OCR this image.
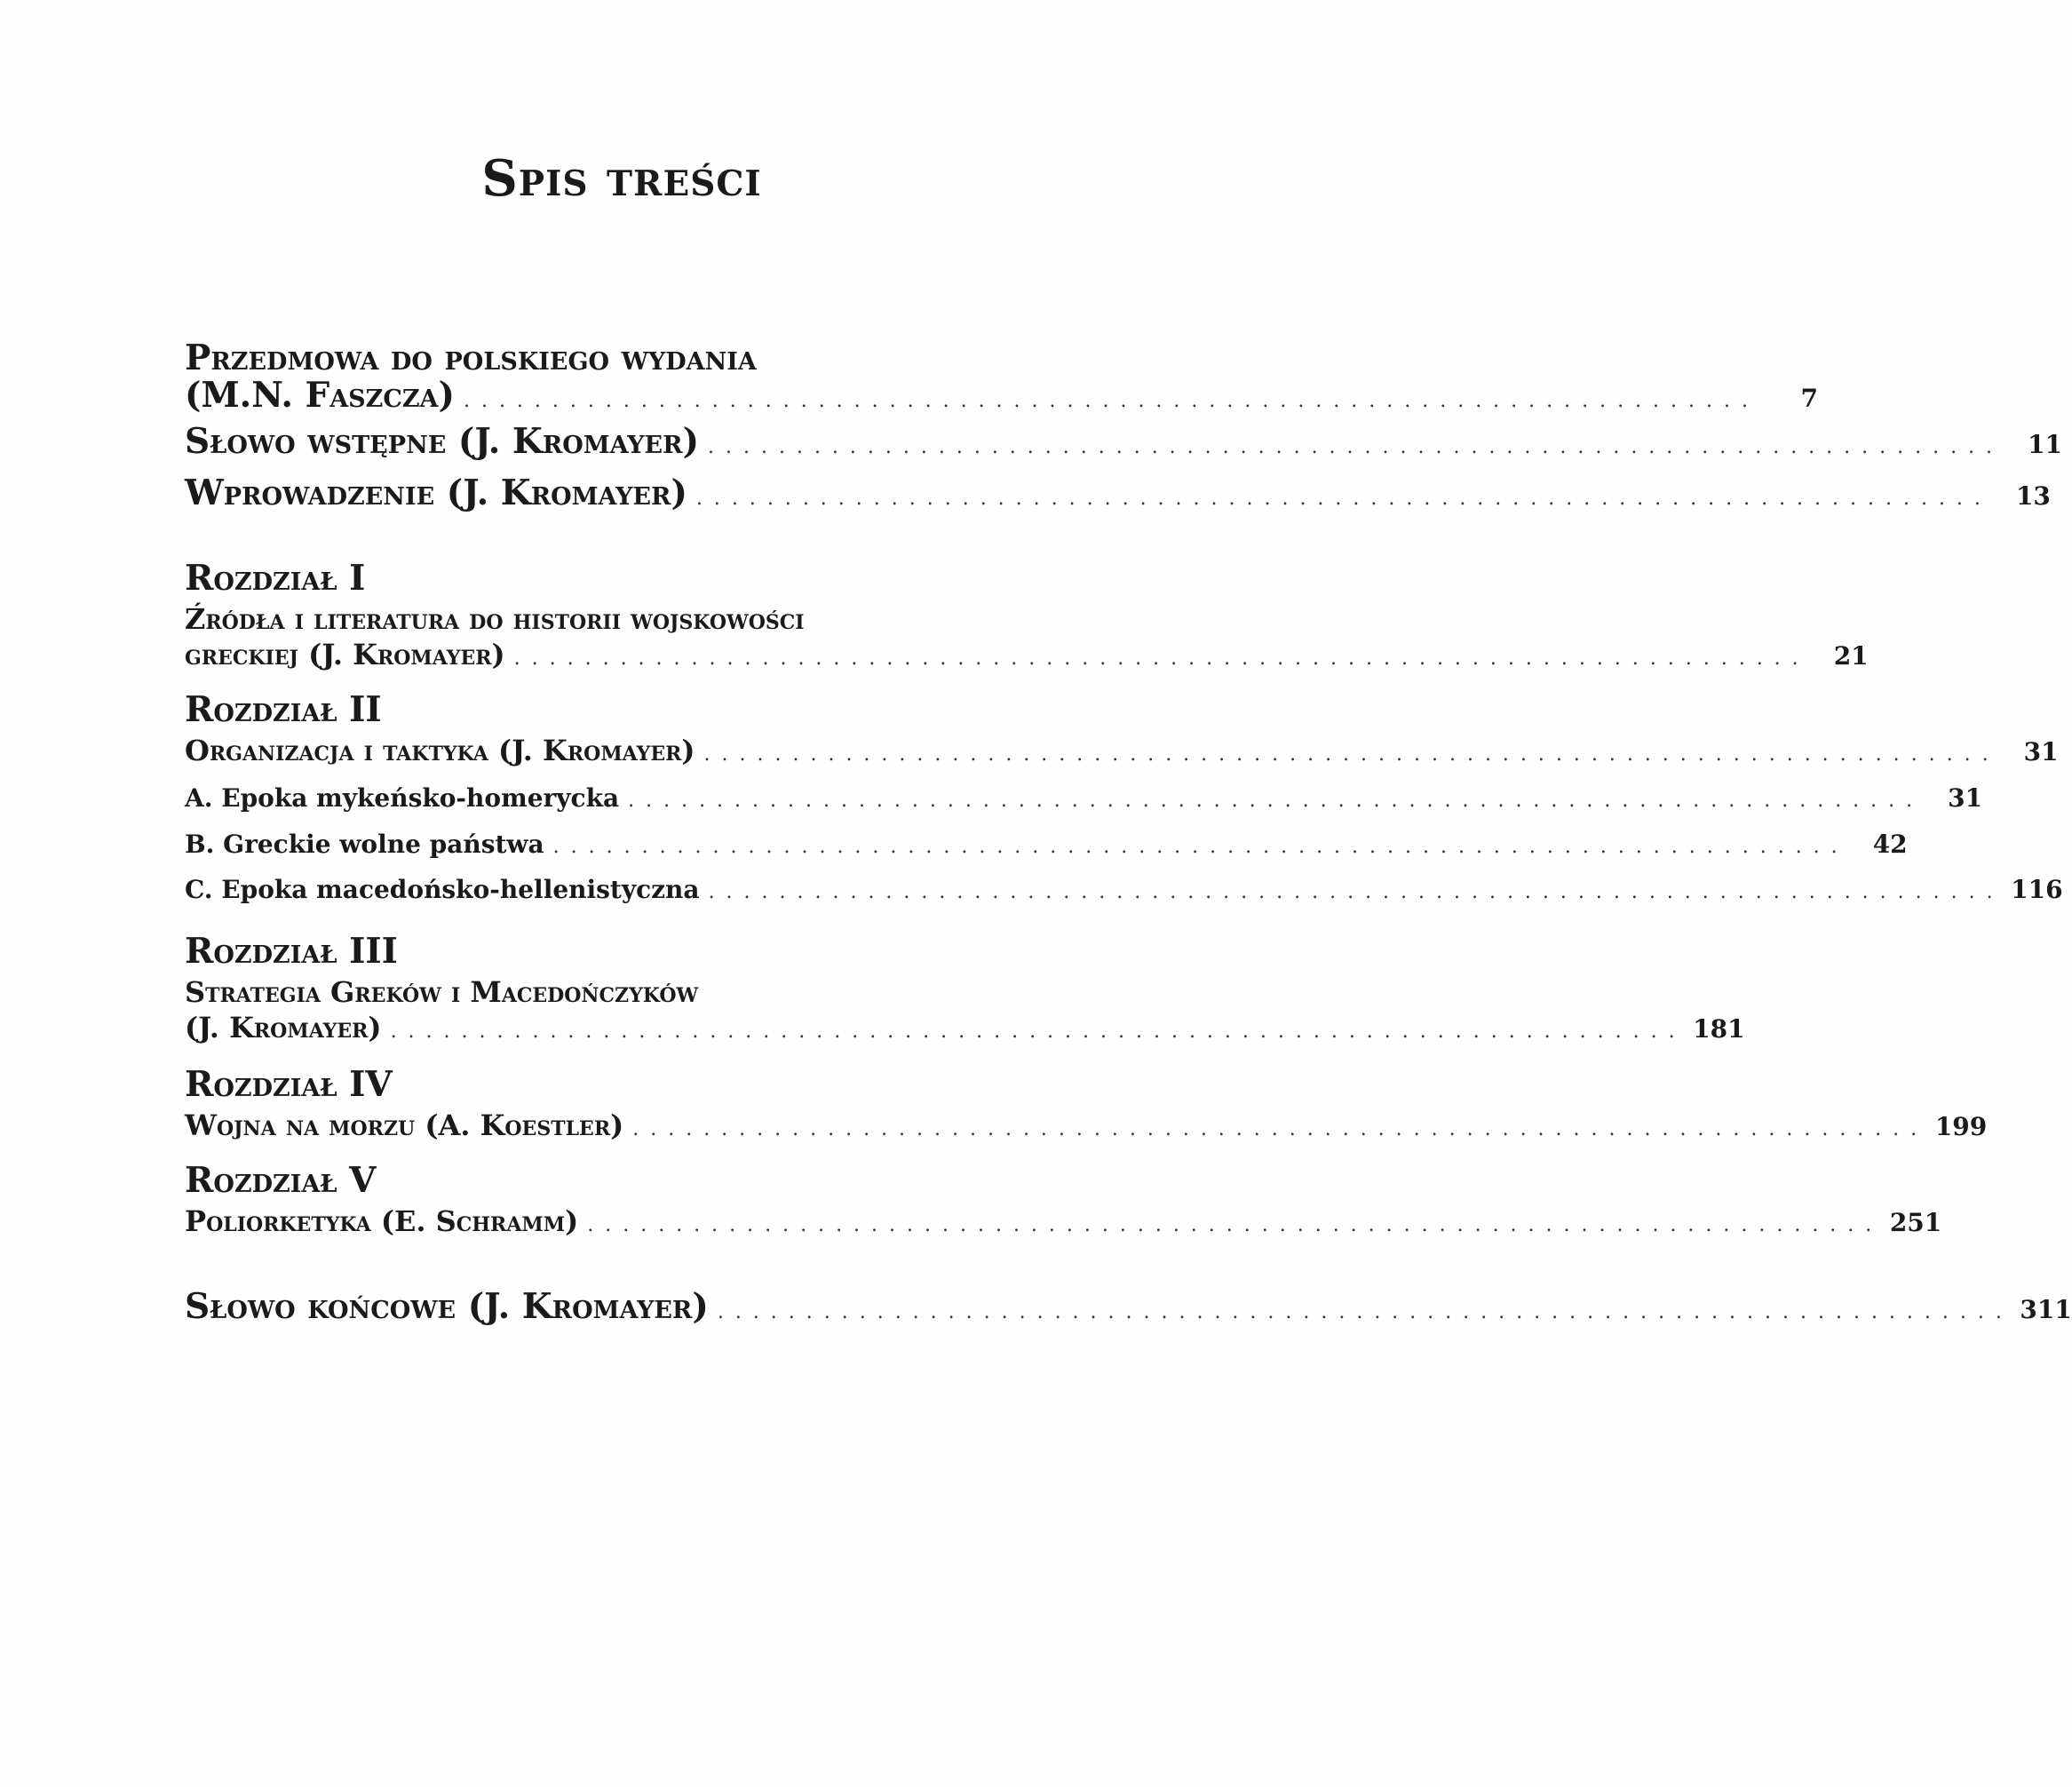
Spis treści
Przedmowa do polskiego wydania
(M.N. Faszcza) . . . . . . . . . . . . . . . . . . . . . . . . . . . . . . . . . . . . . . . . . . . . . . . . . . . . . . . . . . . . . . . . . . . . . . . . .	7
Słowo wstępne (J. Kromayer) . . . . . . . . . . . . . . . . . . . . . . . . . . . . . . . . . . . . . . . . . . . . . . . . . . . . . . . . . . . . . . . . . . . . . . . . .	11
Wprowadzenie (J. Kromayer) . . . . . . . . . . . . . . . . . . . . . . . . . . . . . . . . . . . . . . . . . . . . . . . . . . . . . . . . . . . . . . . . . . . . . . . . .	13
Rozdział I
Źródła i literatura do historii wojskowości
greckiej (J. Kromayer) . . . . . . . . . . . . . . . . . . . . . . . . . . . . . . . . . . . . . . . . . . . . . . . . . . . . . . . . . . . . . . . . . . . . . . . . .	21
Rozdział II
Organizacja i taktyka (J. Kromayer) . . . . . . . . . . . . . . . . . . . . . . . . . . . . . . . . . . . . . . . . . . . . . . . . . . . . . . . . . . . . . . . . . . . . . . . . .	31
A. Epoka mykeńsko-homerycka . . . . . . . . . . . . . . . . . . . . . . . . . . . . . . . . . . . . . . . . . . . . . . . . . . . . . . . . . . . . . . . . . . . . . . . . .	31
B. Greckie wolne państwa . . . . . . . . . . . . . . . . . . . . . . . . . . . . . . . . . . . . . . . . . . . . . . . . . . . . . . . . . . . . . . . . . . . . . . . . .	42
C. Epoka macedońsko-hellenistyczna . . . . . . . . . . . . . . . . . . . . . . . . . . . . . . . . . . . . . . . . . . . . . . . . . . . . . . . . . . . . . . . . . . . . . . . . . 116
Rozdział III
Strategia Greków i Macedończyków
(J. Kromayer) . . . . . . . . . . . . . . . . . . . . . . . . . . . . . . . . . . . . . . . . . . . . . . . . . . . . . . . . . . . . . . . . . . . . . . . . . 181
Rozdział IV
Wojna na morzu (A. Koestler) . . . . . . . . . . . . . . . . . . . . . . . . . . . . . . . . . . . . . . . . . . . . . . . . . . . . . . . . . . . . . . . . . . . . . . . . . 199
Rozdział V
Poliorketyka (E. Schramm) . . . . . . . . . . . . . . . . . . . . . . . . . . . . . . . . . . . . . . . . . . . . . . . . . . . . . . . . . . . . . . . . . . . . . . . . . 251
Słowo końcowe (J. Kromayer) . . . . . . . . . . . . . . . . . . . . . . . . . . . . . . . . . . . . . . . . . . . . . . . . . . . . . . . . . . . . . . . . . . . . . . . . . 311
